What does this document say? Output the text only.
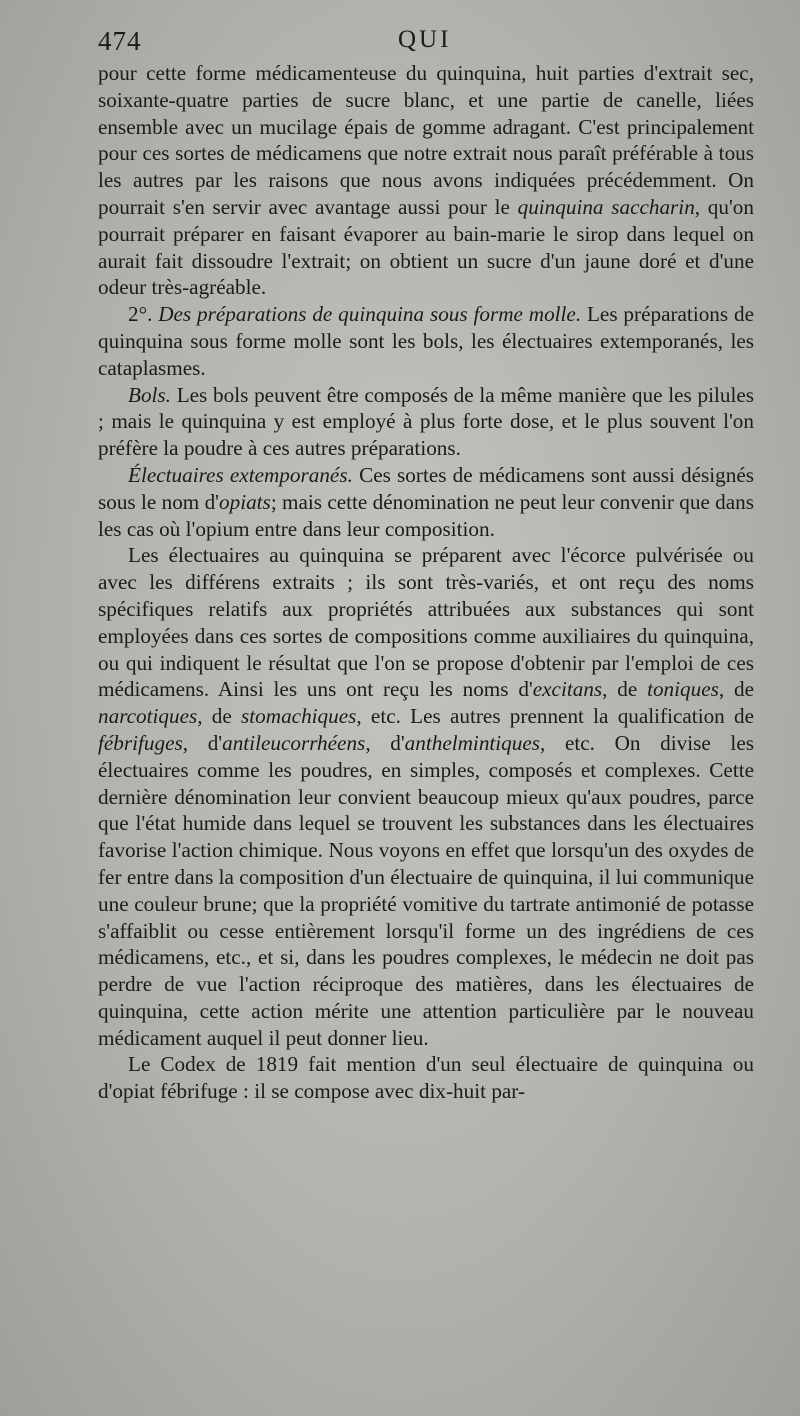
474	QUI

pour cette forme médicamenteuse du quinquina, huit parties d'extrait sec, soixante-quatre parties de sucre blanc, et une partie de canelle, liées ensemble avec un mucilage épais de gomme adragant. C'est principalement pour ces sortes de médicamens que notre extrait nous paraît préférable à tous les autres par les raisons que nous avons indiquées précédemment. On pourrait s'en servir avec avantage aussi pour le quinquina saccharin, qu'on pourrait préparer en faisant évaporer au bain-marie le sirop dans lequel on aurait fait dissoudre l'extrait; on obtient un sucre d'un jaune doré et d'une odeur très-agréable.

2°. Des préparations de quinquina sous forme molle. Les préparations de quinquina sous forme molle sont les bols, les électuaires extemporanés, les cataplasmes.

Bols. Les bols peuvent être composés de la même manière que les pilules ; mais le quinquina y est employé à plus forte dose, et le plus souvent l'on préfère la poudre à ces autres préparations.

Électuaires extemporanés. Ces sortes de médicamens sont aussi désignés sous le nom d'opiats; mais cette dénomination ne peut leur convenir que dans les cas où l'opium entre dans leur composition.

Les électuaires au quinquina se préparent avec l'écorce pulvérisée ou avec les différens extraits ; ils sont très-variés, et ont reçu des noms spécifiques relatifs aux propriétés attribuées aux substances qui sont employées dans ces sortes de compositions comme auxiliaires du quinquina, ou qui indiquent le résultat que l'on se propose d'obtenir par l'emploi de ces médicamens. Ainsi les uns ont reçu les noms d'excitans, de toniques, de narcotiques, de stomachiques, etc. Les autres prennent la qualification de fébrifuges, d'antileucorrhéens, d'anthelmintiques, etc. On divise les électuaires comme les poudres, en simples, composés et complexes. Cette dernière dénomination leur convient beaucoup mieux qu'aux poudres, parce que l'état humide dans lequel se trouvent les substances dans les électuaires favorise l'action chimique. Nous voyons en effet que lorsqu'un des oxydes de fer entre dans la composition d'un électuaire de quinquina, il lui communique une couleur brune; que la propriété vomitive du tartrate antimonié de potasse s'affaiblit ou cesse entièrement lorsqu'il forme un des ingrédiens de ces médicamens, etc., et si, dans les poudres complexes, le médecin ne doit pas perdre de vue l'action réciproque des matières, dans les électuaires de quinquina, cette action mérite une attention particulière par le nouveau médicament auquel il peut donner lieu.

Le Codex de 1819 fait mention d'un seul électuaire de quinquina ou d'opiat fébrifuge : il se compose avec dix-huit par-
